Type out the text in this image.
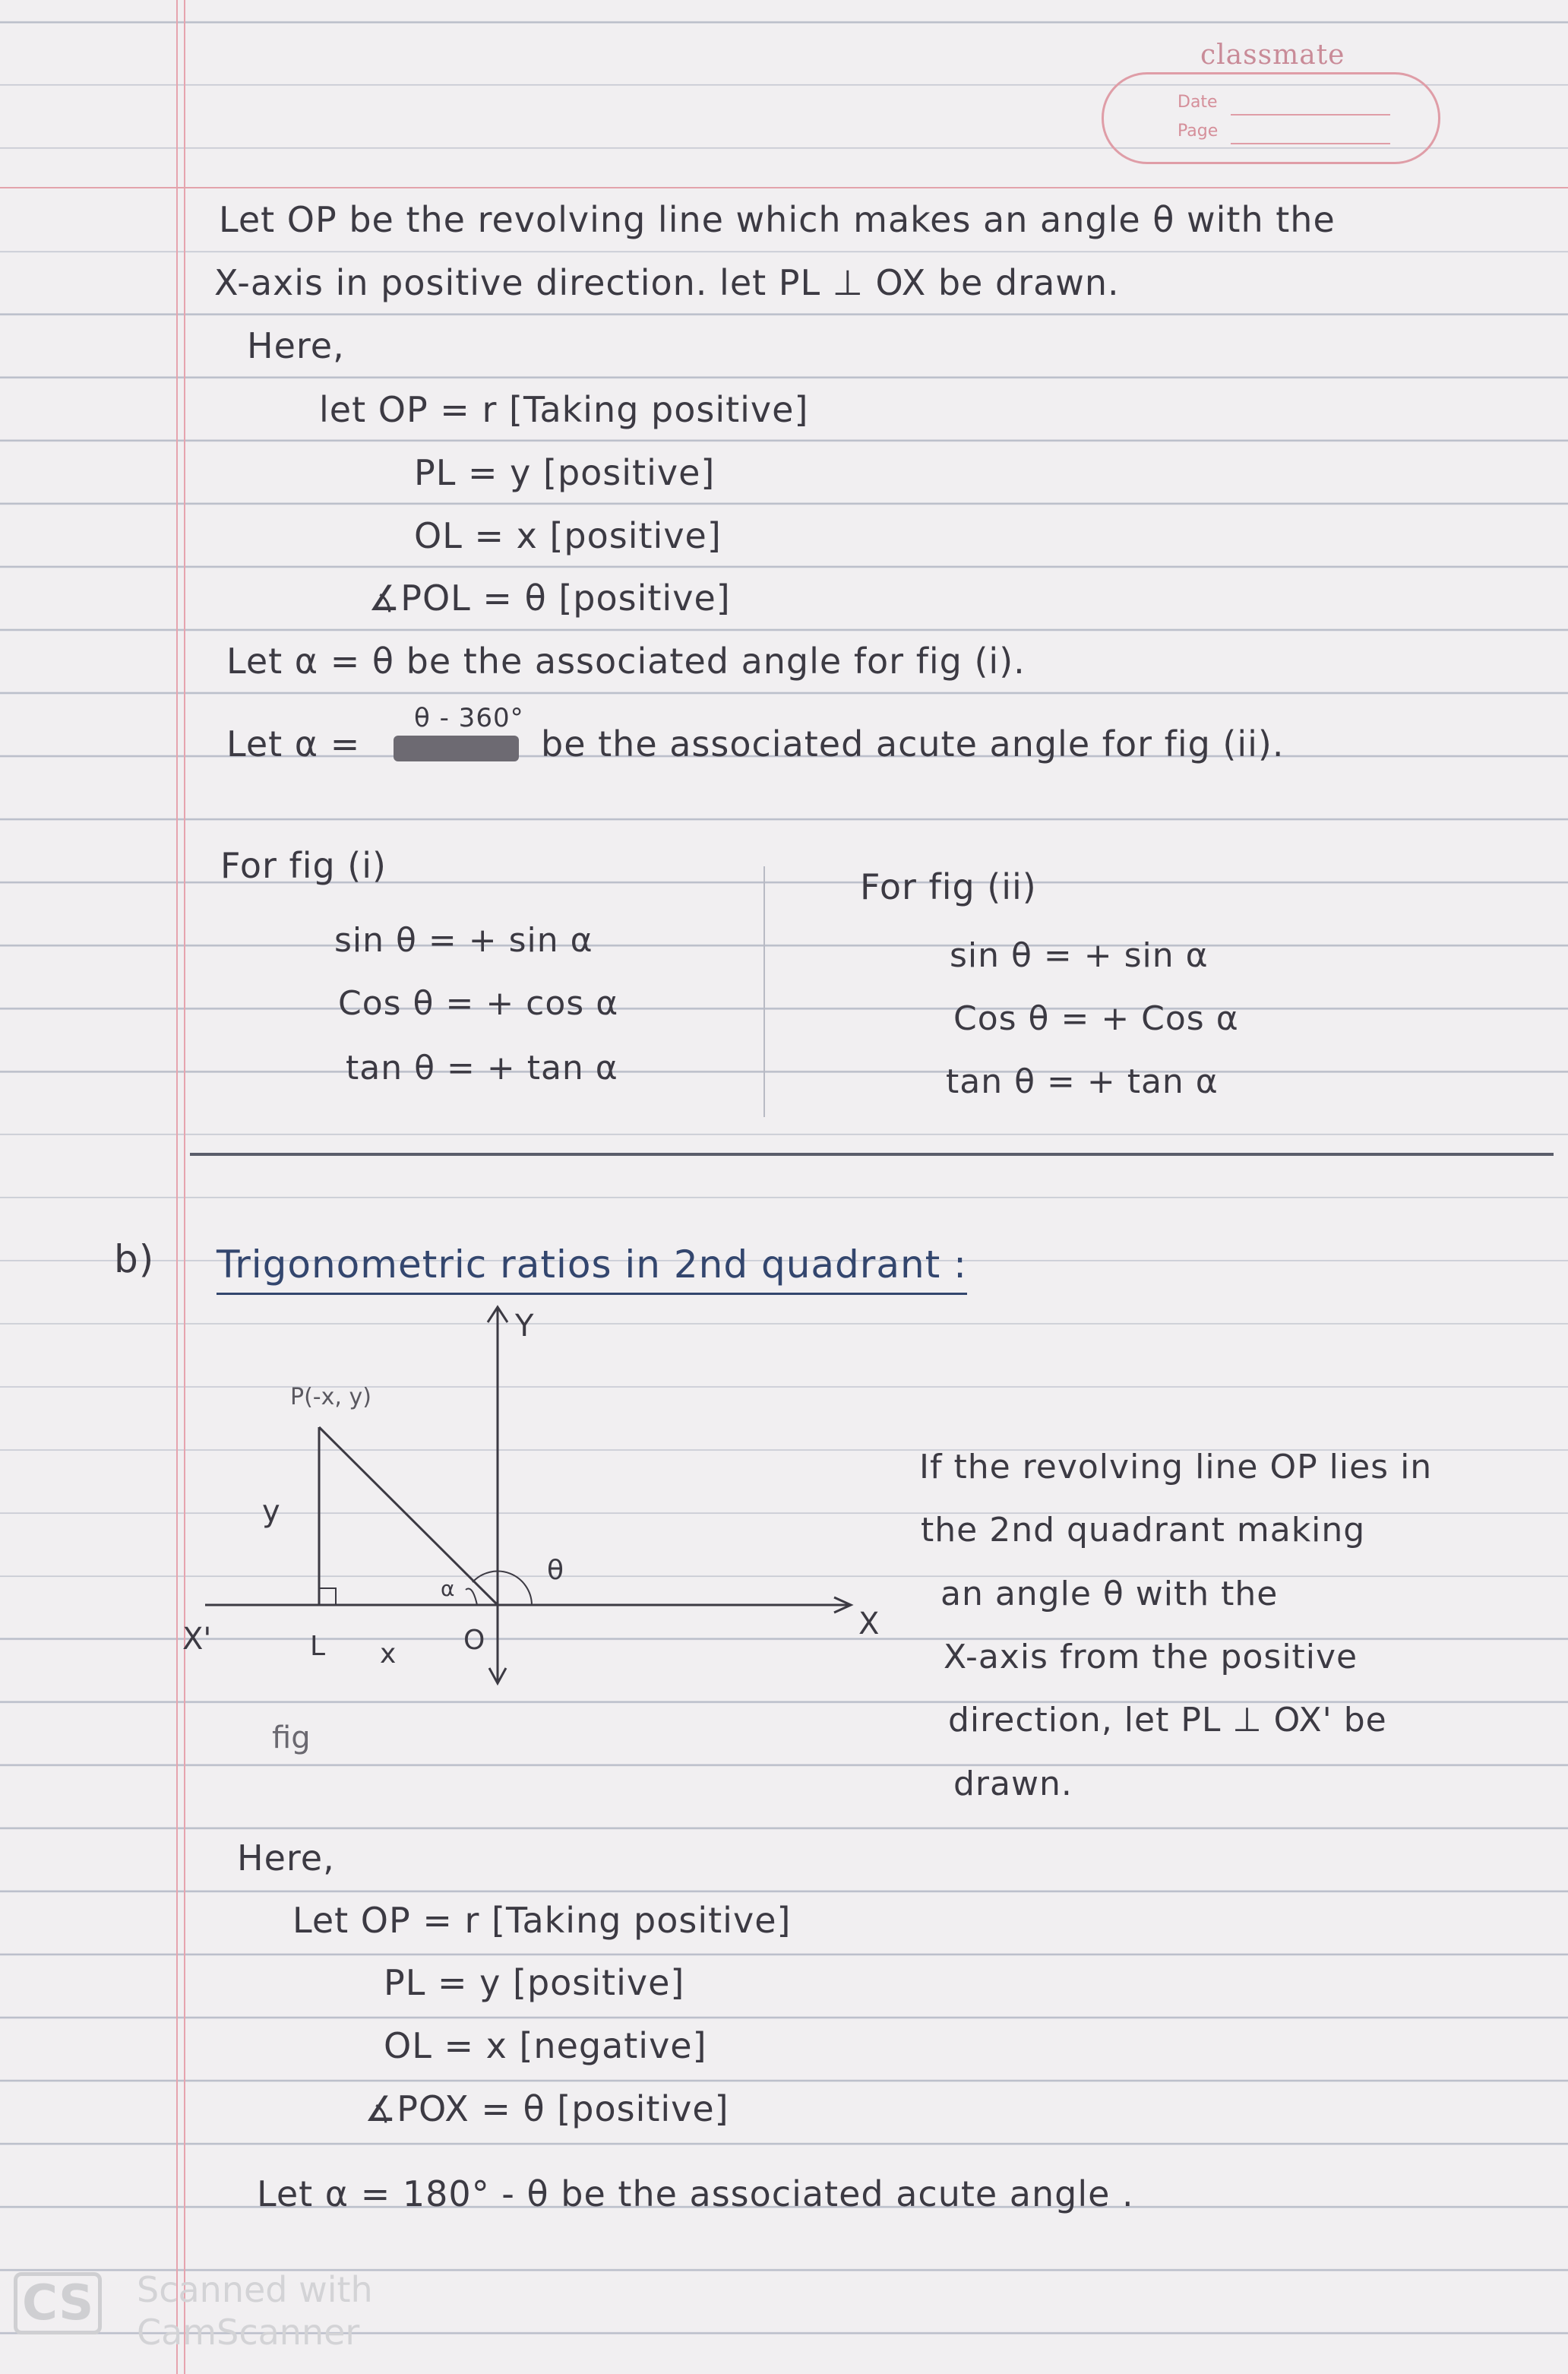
classmate
Date
Page
Let OP be the revolving line which makes an angle θ with the
X-axis in positive direction. let PL ⊥ OX be drawn.
Here,
let OP = r [Taking positive]
PL = y [positive]
OL = x [positive]
∡POL = θ [positive]
Let α = θ be the associated angle for fig (i).
θ - 360°
Let α =	be the associated acute angle for fig (ii).
For fig (i)
sin θ = + sin α
Cos θ = + cos α
tan θ = + tan α
For fig (ii)
sin θ = + sin α
Cos θ = + Cos α
tan θ = + tan α
b) Trigonometric ratios in 2nd quadrant :
P(-x, y)
Y
X
X'
y
x
L	O
α
θ
fig
If the revolving line OP lies in
the 2nd quadrant making
an angle θ with the
X-axis from the positive
direction, let PL ⊥ OX' be
drawn.
Here,
Let OP = r [Taking positive]
PL = y [positive]
OL = x [negative]
∡POX = θ [positive]
Let α = 180° - θ be the associated acute angle .
CS Scanned with
CamScanner
